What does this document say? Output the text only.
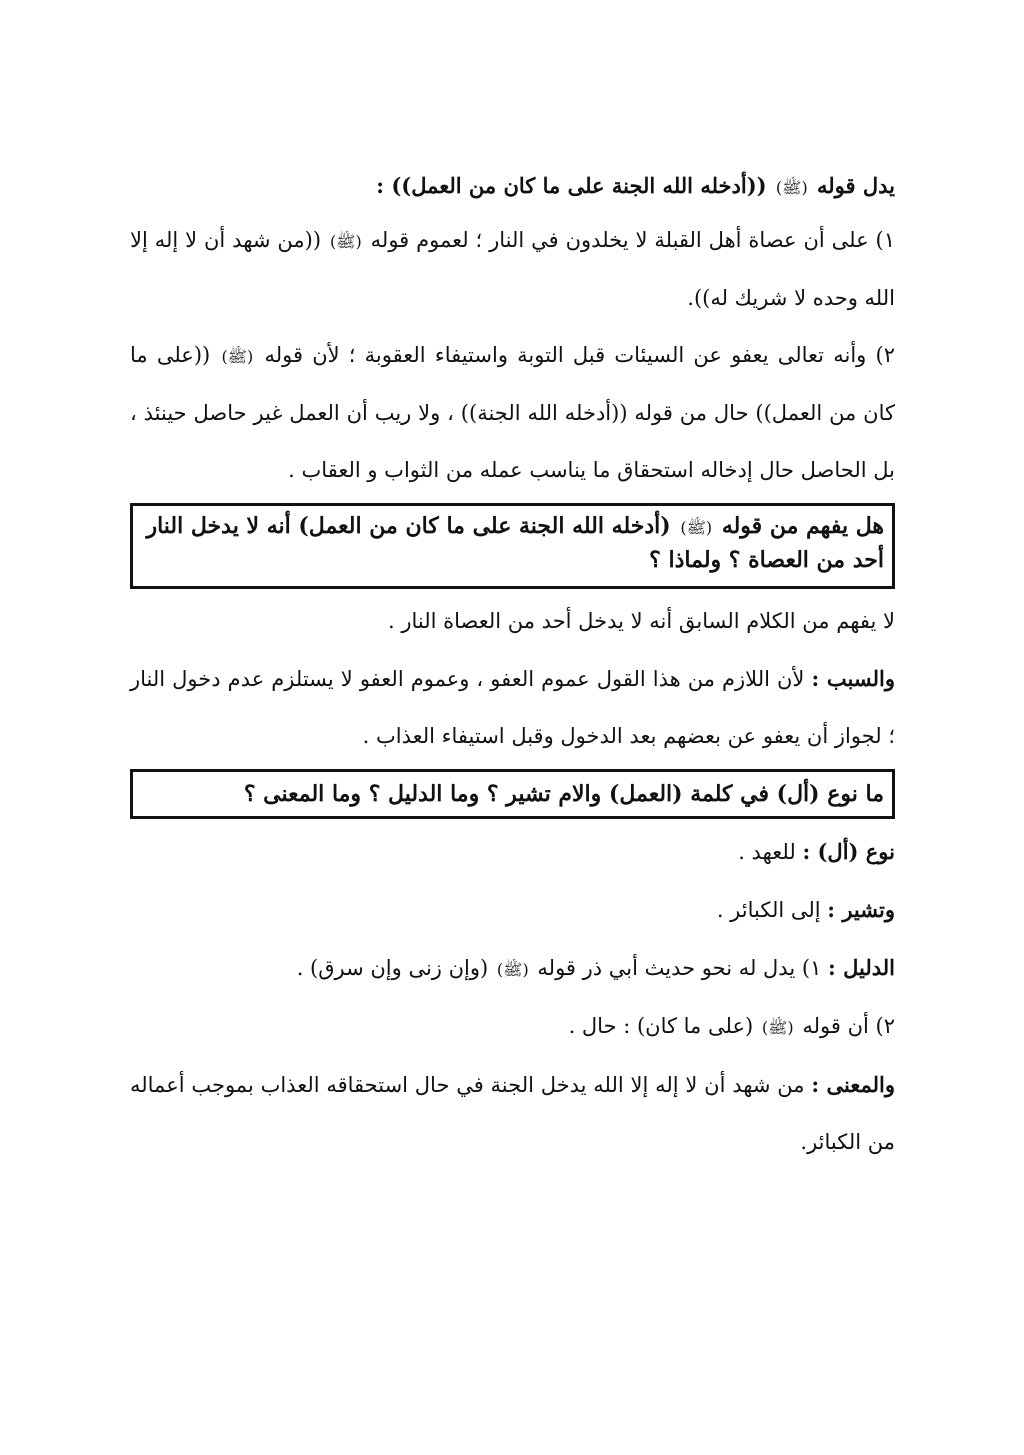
يدل قوله (ﷺ) ((أدخله الله الجنة على ما كان من العمل)) :

١) على أن عصاة أهل القبلة لا يخلدون في النار ؛ لعموم قوله (ﷺ) ((من شهد أن لا إله إلا الله وحده لا شريك له)).

٢) وأنه تعالى يعفو عن السيئات قبل التوبة واستيفاء العقوبة ؛ لأن قوله (ﷺ) ((على ما كان من العمل)) حال من قوله ((أدخله الله الجنة)) ، ولا ريب أن العمل غير حاصل حينئذ ، بل الحاصل حال إدخاله استحقاق ما يناسب عمله من الثواب و العقاب .

هل يفهم من قوله (ﷺ) (أدخله الله الجنة على ما كان من العمل) أنه لا يدخل النار أحد من العصاة ؟ ولماذا ؟

لا يفهم من الكلام السابق أنه لا يدخل أحد من العصاة النار .

والسبب : لأن اللازم من هذا القول عموم العفو ، وعموم العفو لا يستلزم عدم دخول النار ؛ لجواز أن يعفو عن بعضهم بعد الدخول وقبل استيفاء العذاب .

ما نوع (أل) في كلمة (العمل) والام تشير ؟ وما الدليل ؟ وما المعنى ؟

نوع (أل) : للعهد .

وتشير : إلى الكبائر .

الدليل : ١) يدل له نحو حديث أبي ذر قوله (ﷺ) (وإن زنى وإن سرق) .

٢) أن قوله (ﷺ) (على ما كان) : حال .

والمعنى : من شهد أن لا إله إلا الله يدخل الجنة في حال استحقاقه العذاب بموجب أعماله من الكبائر.
